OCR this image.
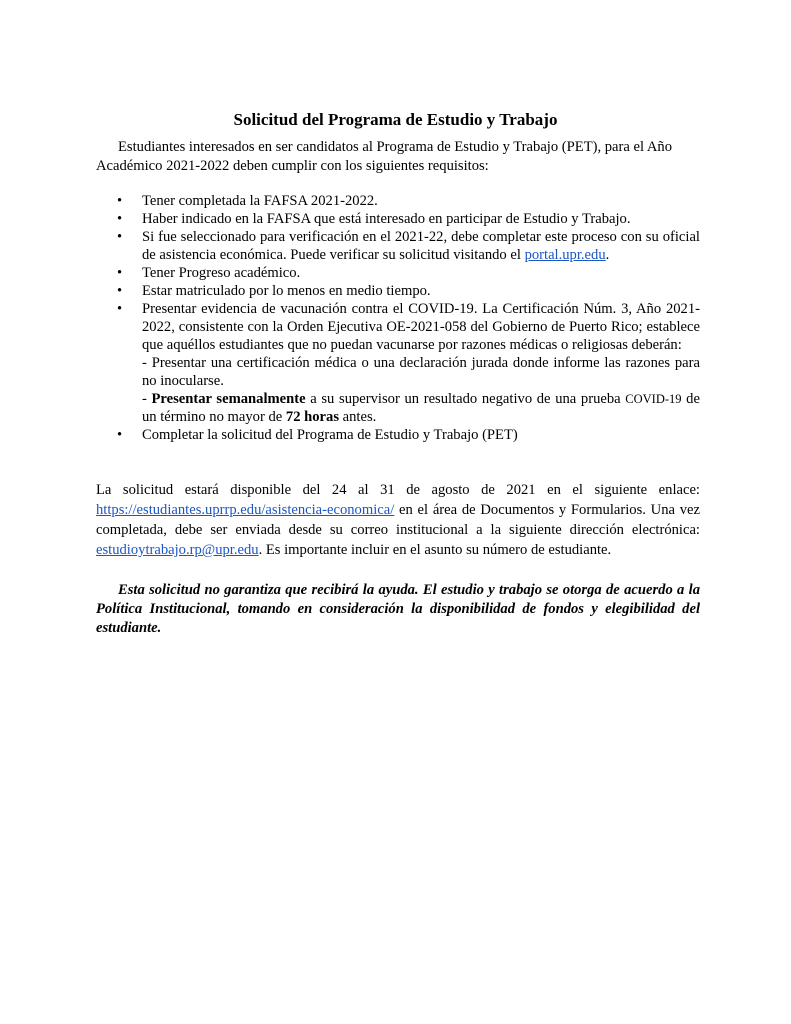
Solicitud del Programa de Estudio y Trabajo

Estudiantes interesados en ser candidatos al Programa de Estudio y Trabajo (PET), para el Año Académico 2021-2022 deben cumplir con los siguientes requisitos:

• Tener completada la FAFSA 2021-2022.
• Haber indicado en la FAFSA que está interesado en participar de Estudio y Trabajo.
• Si fue seleccionado para verificación en el 2021-22, debe completar este proceso con su oficial de asistencia económica. Puede verificar su solicitud visitando el portal.upr.edu.
• Tener Progreso académico.
• Estar matriculado por lo menos en medio tiempo.
• Presentar evidencia de vacunación contra el COVID-19. La Certificación Núm. 3, Año 2021-2022, consistente con la Orden Ejecutiva OE-2021-058 del Gobierno de Puerto Rico; establece que aquéllos estudiantes que no puedan vacunarse por razones médicas o religiosas deberán:
- Presentar una certificación médica o una declaración jurada donde informe las razones para no inocularse.
- Presentar semanalmente a su supervisor un resultado negativo de una prueba COVID-19 de un término no mayor de 72 horas antes.
• Completar la solicitud del Programa de Estudio y Trabajo (PET)

La solicitud estará disponible del 24 al 31 de agosto de 2021 en el siguiente enlace: https://estudiantes.uprrp.edu/asistencia-economica/ en el área de Documentos y Formularios. Una vez completada, debe ser enviada desde su correo institucional a la siguiente dirección electrónica: estudioytrabajo.rp@upr.edu. Es importante incluir en el asunto su número de estudiante.

Esta solicitud no garantiza que recibirá la ayuda. El estudio y trabajo se otorga de acuerdo a la Política Institucional, tomando en consideración la disponibilidad de fondos y elegibilidad del estudiante.
